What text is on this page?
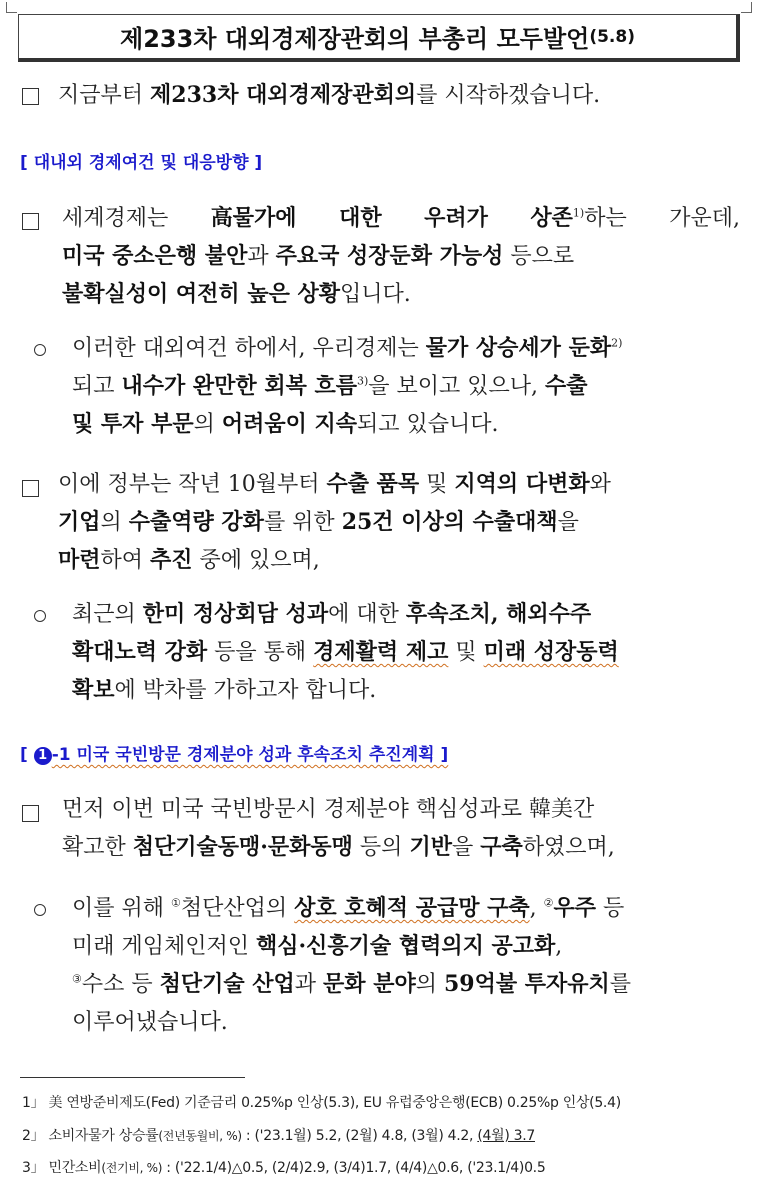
제233차 대외경제장관회의 부총리 모두발언 (5.8)
지금부터 제233차 대외경제장관회의를 시작하겠습니다.
[ 대내외 경제여건 및 대응방향 ]
세계경제는 高물가에 대한 우려가 상존$^{1)}$하는 가운데,
미국 중소은행 불안과 주요국 성장둔화 가능성 등으로
불확실성이 여전히 높은 상황입니다.
이러한 대외여건 하에서, 우리경제는 물가 상승세가 둔화$^{2)}$
되고 내수가 완만한 회복 흐름$^{3)}$을 보이고 있으나, 수출
및 투자 부문의 어려움이 지속되고 있습니다.
이에 정부는 작년 10월부터 수출 품목 및 지역의 다변화와
기업의 수출역량 강화를 위한 25건 이상의 수출대책을
마련하여 추진 중에 있으며,
최근의 한미 정상회담 성과에 대한 후속조치, 해외수주
확대노력 강화 등을 통해 경제활력 제고 및 미래 성장동력
확보에 박차를 가하고자 합니다.
[ 1 -1 미국 국빈방문 경제분야 성과 후속조치 추진계획 ]
먼저 이번 미국 국빈방문시 경제분야 핵심성과로 韓美간
확고한 첨단기술동맹·문화동맹 등의 기반을 구축하였으며,
이를 위해 ①첨단산업의 상호 호혜적 공급망 구축, ②우주 등
미래 게임체인저인 핵심·신흥기술 협력의지 공고화,
③수소 등 첨단기술 산업과 문화 분야의 59억불 투자유치를
이루어냈습니다.
1」 美 연방준비제도(Fed) 기준금리 0.25%p 인상(5.3), EU 유럽중앙은행(ECB) 0.25%p 인상(5.4)
2」 소비자물가 상승률(전년동월비, %) : ('23.1월) 5.2, (2월) 4.8, (3월) 4.2, (4월) 3.7
3」 민간소비(전기비, %) : ('22.1/4)△0.5, (2/4)2.9, (3/4)1.7, (4/4)△0.6, ('23.1/4)0.5
